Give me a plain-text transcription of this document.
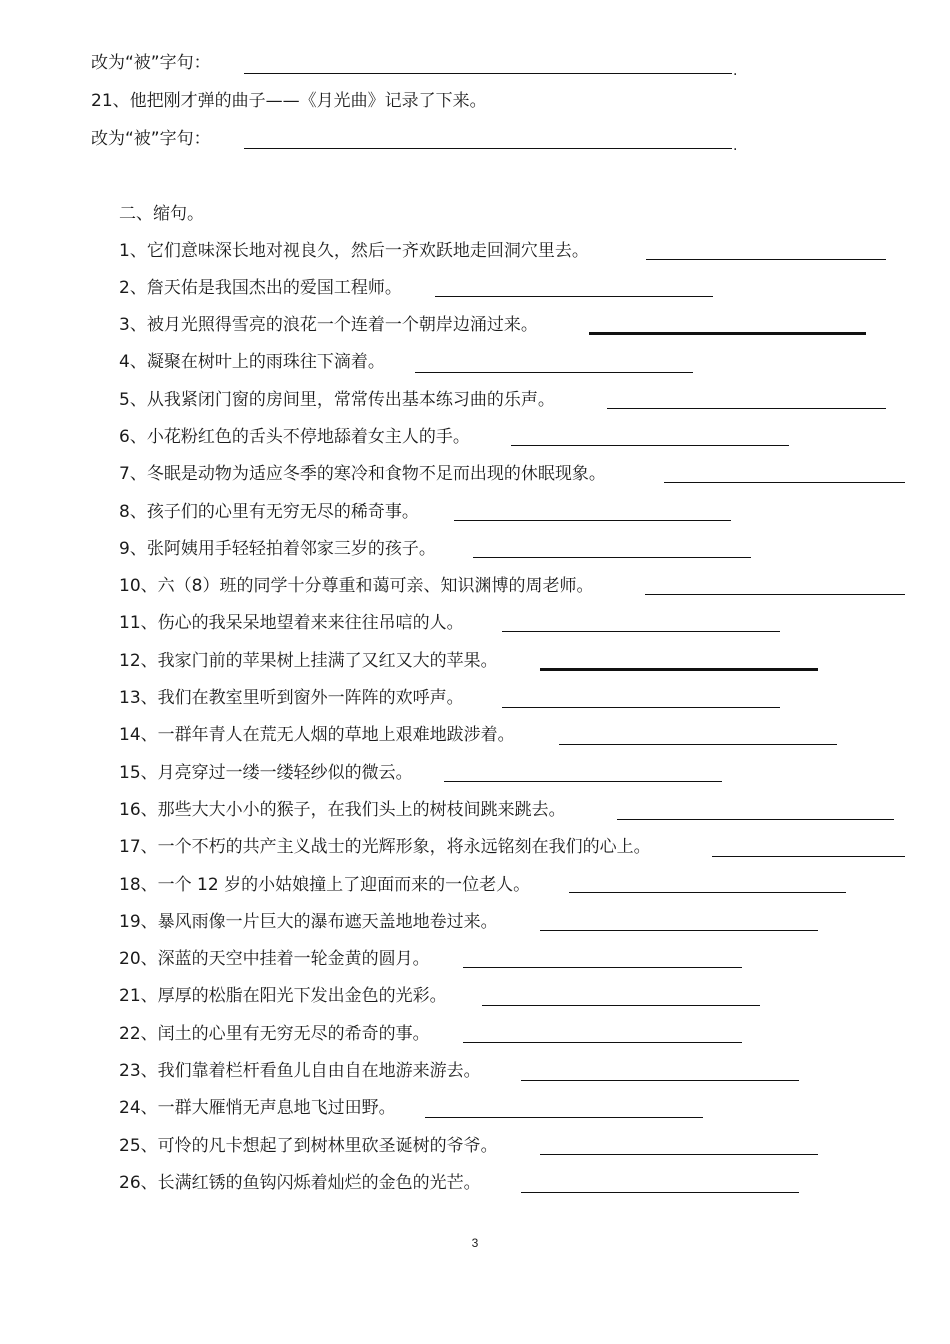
改为“被”字句：	.
21、他把刚才弹的曲子——《月光曲》记录了下来。
改为“被”字句：	.
二、缩句。
1、它们意味深长地对视良久，然后一齐欢跃地走回洞穴里去。
2、詹天佑是我国杰出的爱国工程师。
3、被月光照得雪亮的浪花一个连着一个朝岸边涌过来。
4、凝聚在树叶上的雨珠往下滴着。
5、从我紧闭门窗的房间里，常常传出基本练习曲的乐声。
6、小花粉红色的舌头不停地舔着女主人的手。
7、冬眠是动物为适应冬季的寒冷和食物不足而出现的休眠现象。
8、孩子们的心里有无穷无尽的稀奇事。
9、张阿姨用手轻轻拍着邻家三岁的孩子。
10、六（8）班的同学十分尊重和蔼可亲、知识渊博的周老师。
11、伤心的我呆呆地望着来来往往吊唁的人。
12、我家门前的苹果树上挂满了又红又大的苹果。
13、我们在教室里听到窗外一阵阵的欢呼声。
14、一群年青人在荒无人烟的草地上艰难地跋涉着。
15、月亮穿过一缕一缕轻纱似的微云。
16、那些大大小小的猴子，在我们头上的树枝间跳来跳去。
17、一个不朽的共产主义战士的光辉形象，将永远铭刻在我们的心上。
18、一个 12 岁的小姑娘撞上了迎面而来的一位老人。
19、暴风雨像一片巨大的瀑布遮天盖地地卷过来。
20、深蓝的天空中挂着一轮金黄的圆月。
21、厚厚的松脂在阳光下发出金色的光彩。
22、闰土的心里有无穷无尽的希奇的事。
23、我们靠着栏杆看鱼儿自由自在地游来游去。
24、一群大雁悄无声息地飞过田野。
25、可怜的凡卡想起了到树林里砍圣诞树的爷爷。
26、长满红锈的鱼钩闪烁着灿烂的金色的光芒。
3
